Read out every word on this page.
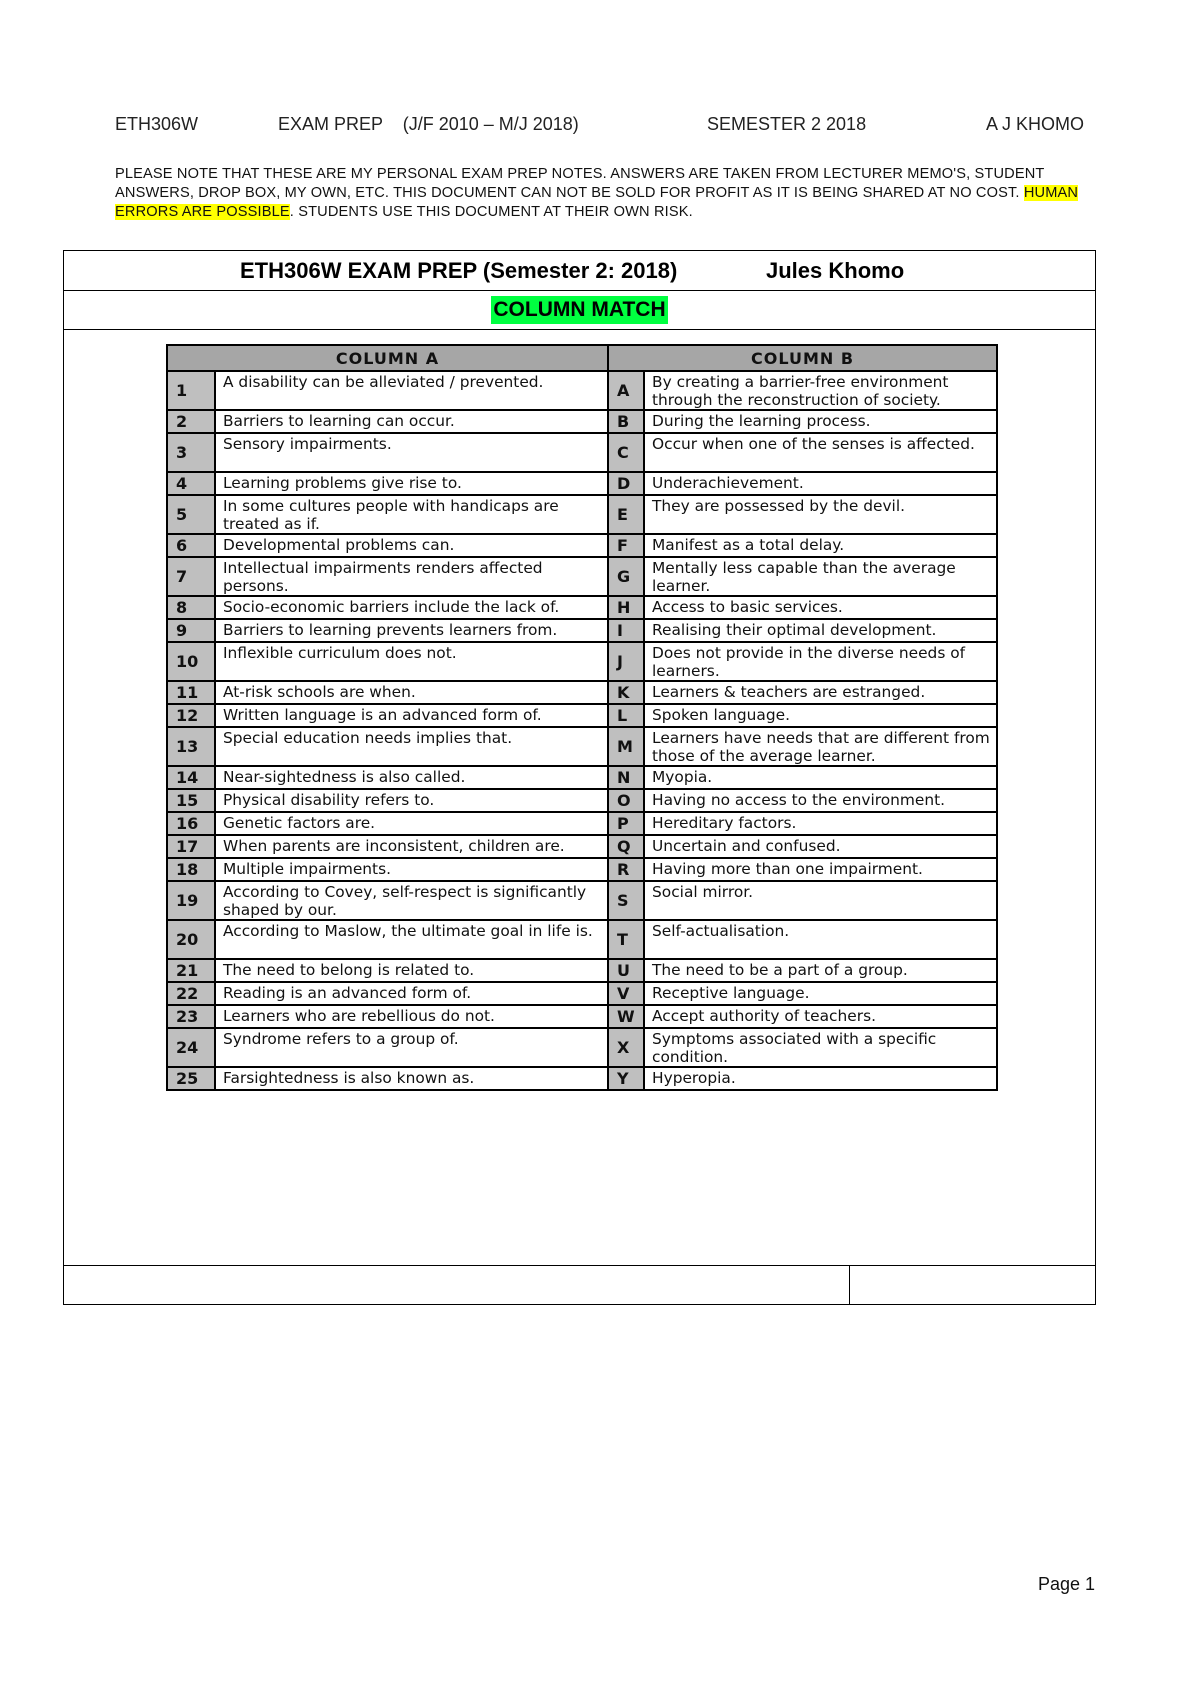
ETH306W	EXAM PREP    (J/F 2010 – M/J 2018)	SEMESTER 2 2018	A J KHOMO
PLEASE NOTE THAT THESE ARE MY PERSONAL EXAM PREP NOTES. ANSWERS ARE TAKEN FROM LECTURER MEMO'S, STUDENT ANSWERS, DROP BOX, MY OWN, ETC. THIS DOCUMENT CAN NOT BE SOLD FOR PROFIT AS IT IS BEING SHARED AT NO COST. HUMAN ERRORS ARE POSSIBLE. STUDENTS USE THIS DOCUMENT AT THEIR OWN RISK.
ETH306W EXAM PREP (Semester 2: 2018)	Jules Khomo
COLUMN MATCH
COLUMN A		COLUMN B	
1	A disability can be alleviated / prevented.	A	By creating a barrier-free environment through the reconstruction of society.
2	Barriers to learning can occur.	B	During the learning process.
3	Sensory impairments.	C	Occur when one of the senses is affected.
4	Learning problems give rise to.	D	Underachievement.
5	In some cultures people with handicaps are treated as if.	E	They are possessed by the devil.
6	Developmental problems can.	F	Manifest as a total delay.
7	Intellectual impairments renders affected persons.	G	Mentally less capable than the average learner.
8	Socio-economic barriers include the lack of.	H	Access to basic services.
9	Barriers to learning prevents learners from.	I	Realising their optimal development.
10	Inflexible curriculum does not.	J	Does not provide in the diverse needs of learners.
11	At-risk schools are when.	K	Learners & teachers are estranged.
12	Written language is an advanced form of.	L	Spoken language.
13	Special education needs implies that.	M	Learners have needs that are different from those of the average learner.
14	Near-sightedness is also called.	N	Myopia.
15	Physical disability refers to.	O	Having no access to the environment.
16	Genetic factors are.	P	Hereditary factors.
17	When parents are inconsistent, children are.	Q	Uncertain and confused.
18	Multiple impairments.	R	Having more than one impairment.
19	According to Covey, self-respect is significantly shaped by our.	S	Social mirror.
20	According to Maslow, the ultimate goal in life is.	T	Self-actualisation.
21	The need to belong is related to.	U	The need to be a part of a group.
22	Reading is an advanced form of.	V	Receptive language.
23	Learners who are rebellious do not.	W	Accept authority of teachers.
24	Syndrome refers to a group of.	X	Symptoms associated with a specific condition.
25	Farsightedness is also known as.	Y	Hyperopia.
Page 1
